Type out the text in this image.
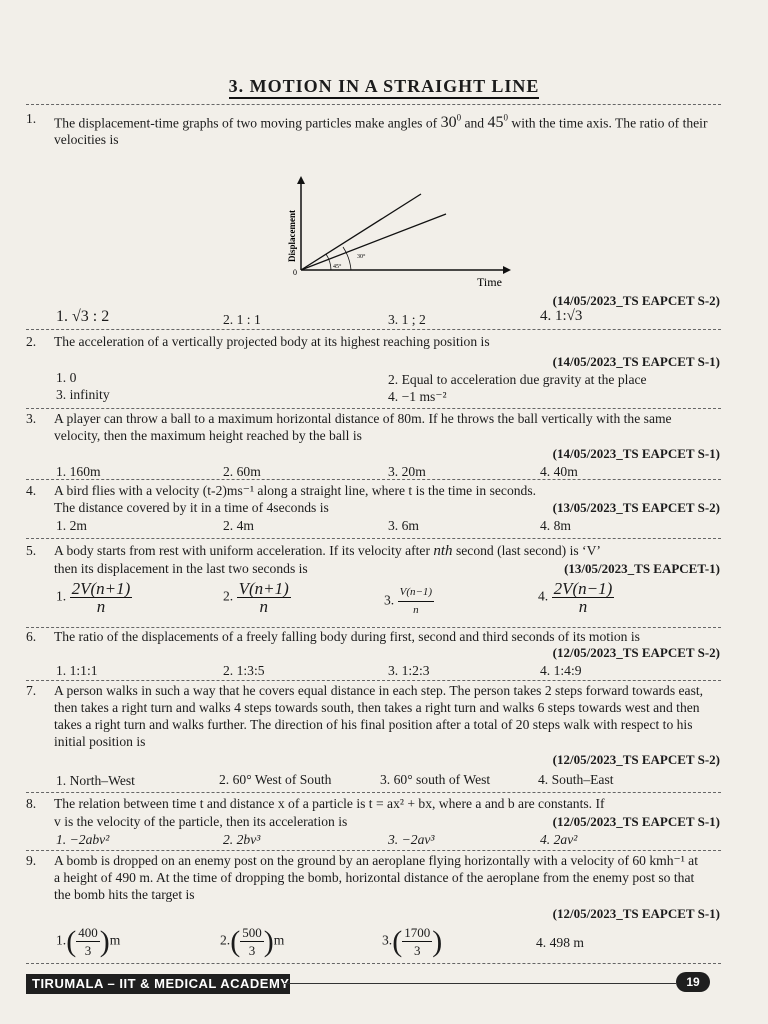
3. MOTION IN A STRAIGHT LINE
1. The displacement-time graphs of two moving particles make angles of $30^0$ and $45^0$ with the time axis. The ratio of their velocities is
0
45°
30°
Displacement
Time
(14/05/2023_TS EAPCET S-2)
1. √3 : 2	2. 1 : 1	3. 1 ; 2	4. 1:√3
2. The acceleration of a vertically projected body at its highest reaching position is
(14/05/2023_TS EAPCET S-1)
1. 0	2. Equal to acceleration due gravity at the place
3. infinity	4. −1 ms⁻²
3. A player can throw a ball to a maximum horizontal distance of 80m. If he throws the ball vertically with the same velocity, then the maximum height reached by the ball is
(14/05/2023_TS EAPCET S-1)
1. 160m	2. 60m	3. 20m	4. 40m
4. A bird flies with a velocity (t-2)ms⁻¹ along a straight line, where t is the time in seconds. The distance covered by it in a time of 4seconds is	(13/05/2023_TS EAPCET S-2)
1. 2m	2. 4m	3. 6m	4. 8m
5. A body starts from rest with uniform acceleration. If its velocity after nth second (last second) is ‘V’
then its displacement in the last two seconds is	(13/05/2023_TS EAPCET-1)
1. $\frac{2V(n+1)}{n}$	2. $\frac{V(n+1)}{n}$	3. $\frac{V(n-1)}{n}$	4. $\frac{2V(n-1)}{n}$
6. The ratio of the displacements of a freely falling body during first, second and third seconds of its motion is
(12/05/2023_TS EAPCET S-2)
1. 1:1:1	2. 1:3:5	3. 1:2:3	4. 1:4:9
7. A person walks in such a way that he covers equal distance in each step. The person takes 2 steps forward towards east, then takes a right turn and walks 4 steps towards south, then takes a right turn and walks 6 steps towards west and then takes a right turn and walks further. The direction of his final position after a total of 20 steps walk with respect to his initial position is
(12/05/2023_TS EAPCET S-2)
1. North–West	2. 60° West of South	3. 60° south of West	4. South–East
8. The relation between time t and distance x of a particle is t = ax² + bx, where a and b are constants. If
v is the velocity of the particle, then its acceleration is	(12/05/2023_TS EAPCET S-1)
1. −2abv²	2. 2bv³	3. −2av³	4. 2av²
9. A bomb is dropped on an enemy post on the ground by an aeroplane flying horizontally with a velocity of 60 kmh⁻¹ at a height of 490 m. At the time of dropping the bomb, horizontal distance of the aeroplane from the enemy post so that the bomb hits the target is
(12/05/2023_TS EAPCET S-1)
$1.( \frac{400}{3} )m$	$2.( \frac{500}{3} )m$	$3.( \frac{1700}{3}$ )	4. 498 m
TIRUMALA – IIT & MEDICAL ACADEMY	19
